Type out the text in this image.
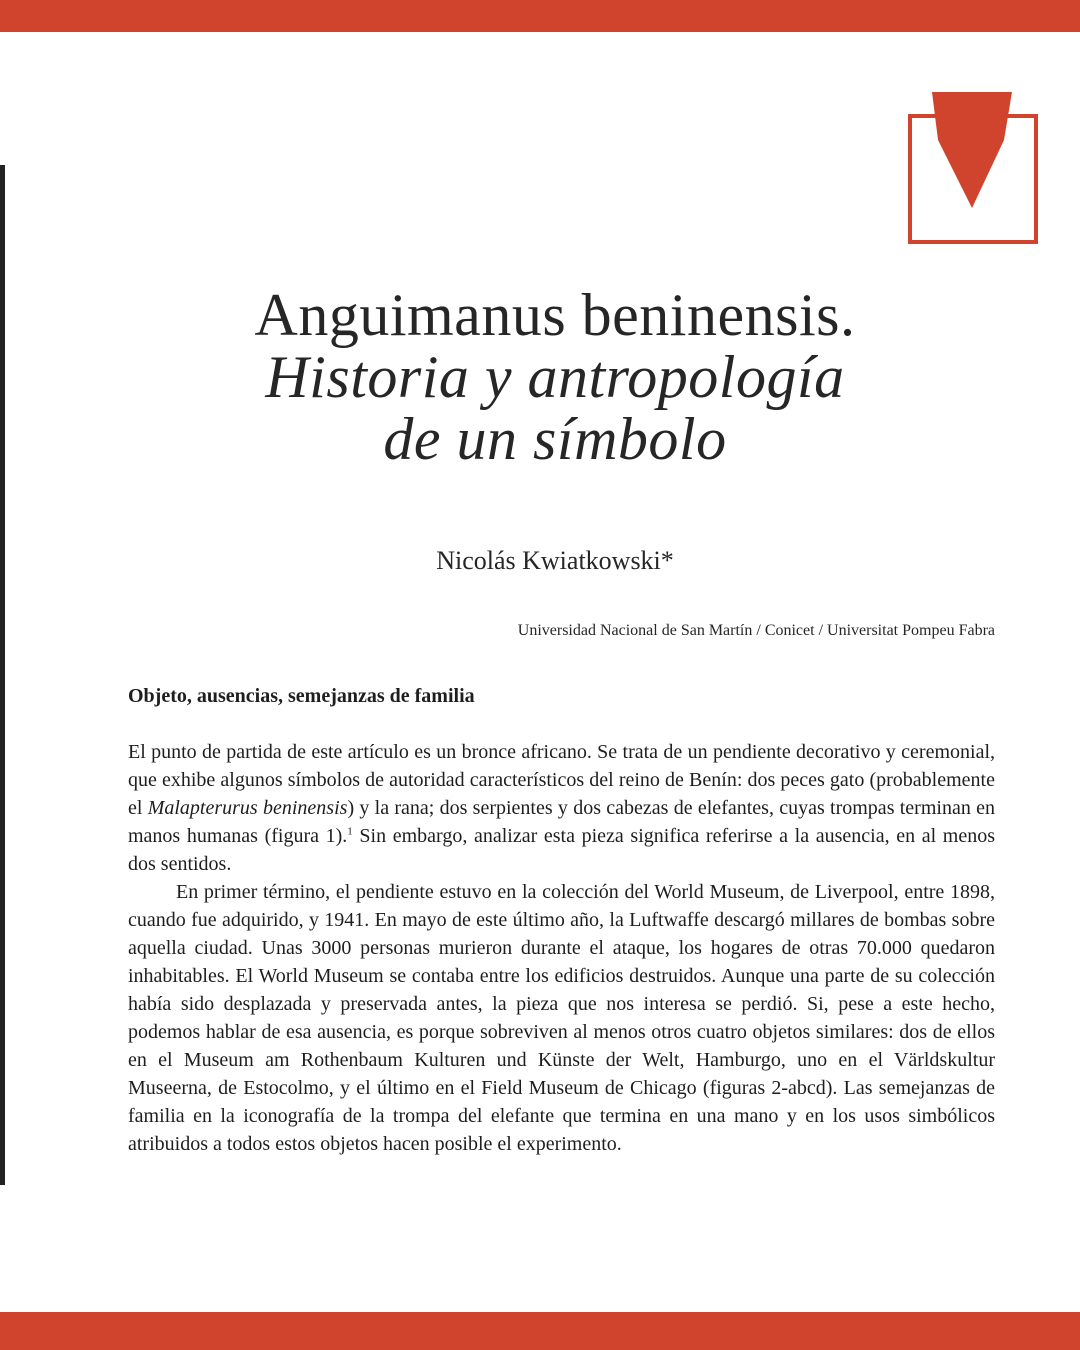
Anguimanus beninensis.
Historia y antropología
de un símbolo
Nicolás Kwiatkowski*
Universidad Nacional de San Martín / Conicet / Universitat Pompeu Fabra
Objeto, ausencias, semejanzas de familia

El punto de partida de este artículo es un bronce africano. Se trata de un pendiente decorativo y ceremonial, que exhibe algunos símbolos de autoridad característicos del reino de Benín: dos peces gato (probablemente el Malapterurus beninensis) y la rana; dos serpientes y dos cabezas de elefantes, cuyas trompas terminan en manos humanas (figura 1).$^1$ Sin embargo, analizar esta pieza significa referirse a la ausencia, en al menos dos sentidos.

En primer término, el pendiente estuvo en la colección del World Museum, de Liverpool, entre 1898, cuando fue adquirido, y 1941. En mayo de este último año, la Luftwaffe descargó millares de bombas sobre aquella ciudad. Unas 3000 personas murieron durante el ataque, los hogares de otras 70.000 quedaron inhabitables. El World Museum se contaba entre los edificios destruidos. Aunque una parte de su colección había sido desplazada y preservada antes, la pieza que nos interesa se perdió. Si, pese a este hecho, podemos hablar de esa ausencia, es porque sobreviven al menos otros cuatro objetos similares: dos de ellos en el Museum am Rothenbaum Kulturen und Künste der Welt, Hamburgo, uno en el Världskultur Museerna, de Estocolmo, y el último en el Field Museum de Chicago (figuras 2-abcd). Las semejanzas de familia en la iconografía de la trompa del elefante que termina en una mano y en los usos simbólicos atribuidos a todos estos objetos hacen posible el experimento.
